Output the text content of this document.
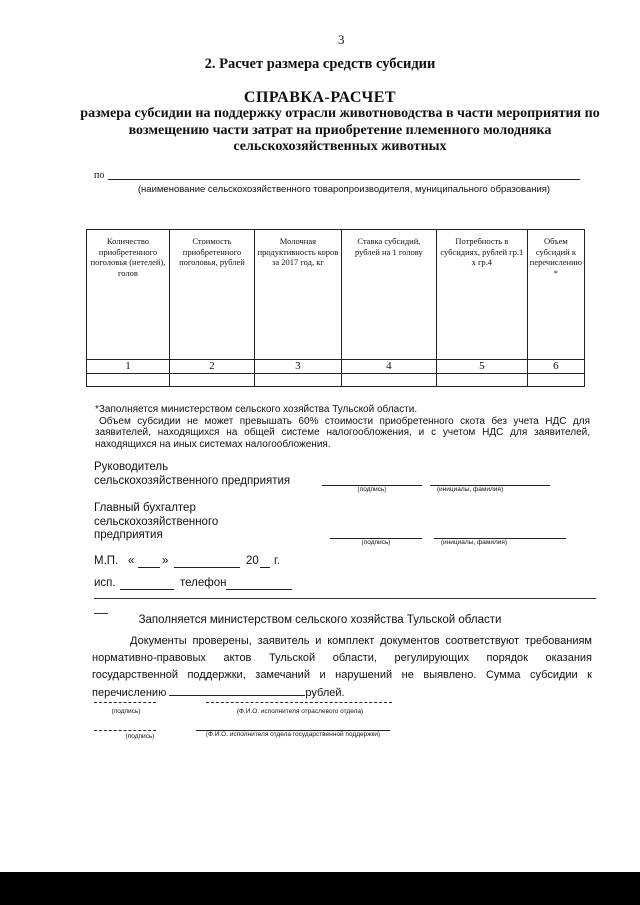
3
2. Расчет размера средств субсидии
СПРАВКА-РАСЧЕТ
размера субсидии на поддержку отрасли животноводства в части мероприятия по возмещению части затрат на приобретение племенного молодняка сельскохозяйственных животных
по
(наименование сельскохозяйственного товаропроизводителя, муниципального образования)
Количество приобретенного поголовья (нетелей), голов	Стоимость приобретенного поголовья, рублей	Молочная продуктивность коров за 2017 год, кг	Ставка субсидий, рублей на 1 голову	Потребность в субсидиях, рублей гр.1 х гр.4	Объем субсидий к перечислению *
1	2	3	4	5	6

*Заполняется министерством сельского хозяйства Тульской области.
Объем субсидии не может превышать 60% стоимости приобретенного скота без учета НДС для заявителей, находящихся на общей системе налогообложения, и с учетом НДС для заявителей, находящихся на иных системах налогообложения.
Руководитель сельскохозяйственного предприятия
(подпись)	(инициалы, фамилия)
Главный бухгалтер сельскохозяйственного предприятия
(подпись)	(инициалы, фамилия)
М.П. « »	20 г.
исп.	телефон
Заполняется министерством сельского хозяйства Тульской области
Документы проверены, заявитель и комплект документов соответствуют требованиям нормативно-правовых актов Тульской области, регулирующих порядок оказания государственной поддержки, замечаний и нарушений не выявлено. Сумма субсидии к перечислению	рублей.
(подпись)	(Ф.И.О. исполнителя отраслевого отдела)
(подпись)	(Ф.И.О. исполнителя отдела государственной поддержки)
